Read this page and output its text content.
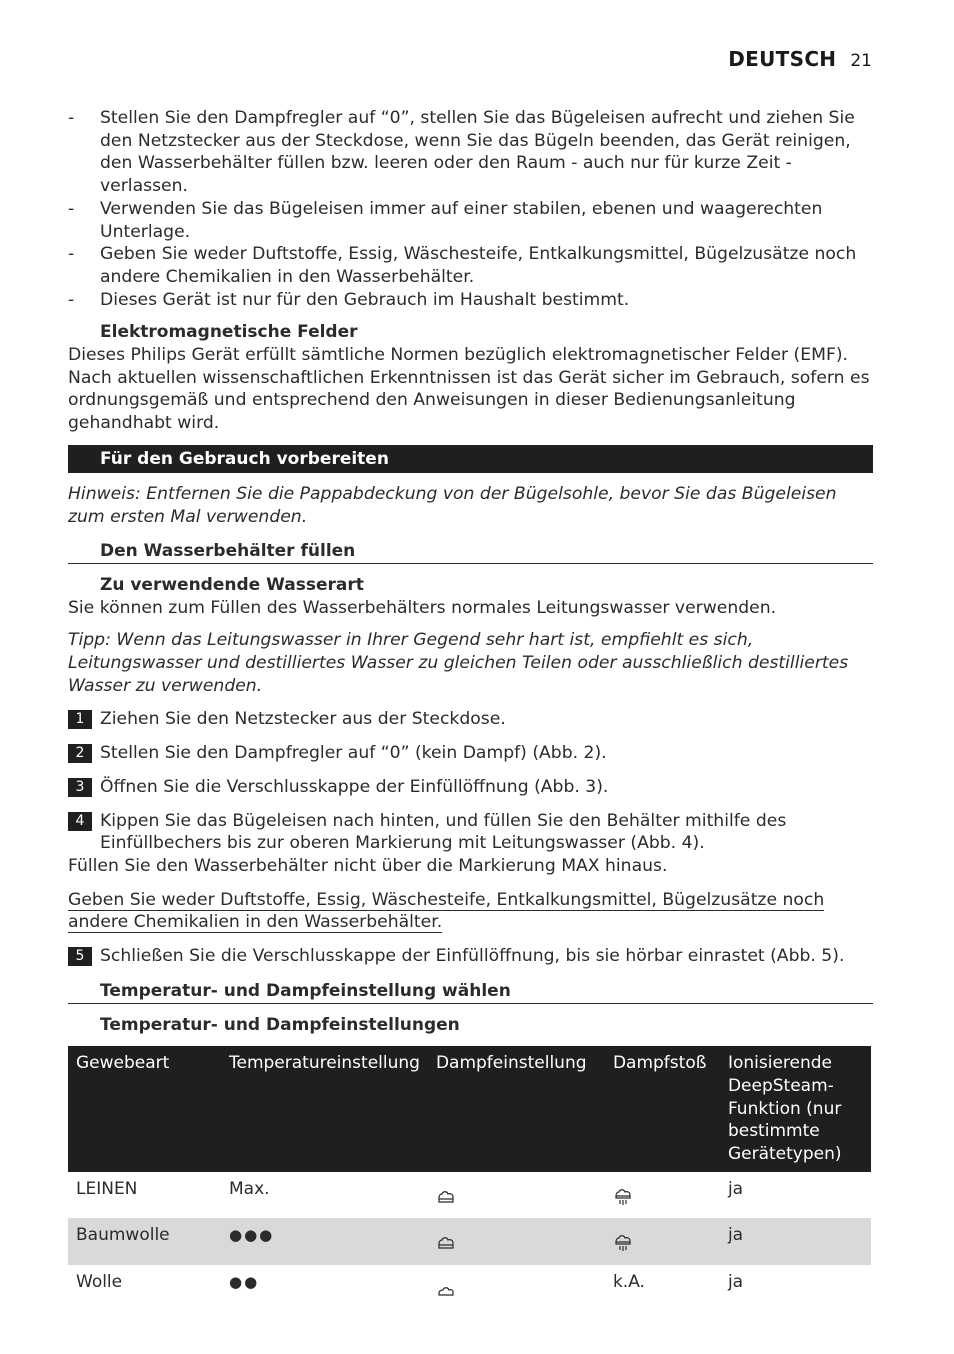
DEUTSCH 21
- Stellen Sie den Dampfregler auf “0”, stellen Sie das Bügeleisen aufrecht und ziehen Sie den Netzstecker aus der Steckdose, wenn Sie das Bügeln beenden, das Gerät reinigen, den Wasserbehälter füllen bzw. leeren oder den Raum - auch nur für kurze Zeit - verlassen.
- Verwenden Sie das Bügeleisen immer auf einer stabilen, ebenen und waagerechten Unterlage.
- Geben Sie weder Duftstoffe, Essig, Wäschesteife, Entkalkungsmittel, Bügelzusätze noch andere Chemikalien in den Wasserbehälter.
- Dieses Gerät ist nur für den Gebrauch im Haushalt bestimmt.
Elektromagnetische Felder

Dieses Philips Gerät erfüllt sämtliche Normen bezüglich elektromagnetischer Felder (EMF). Nach aktuellen wissenschaftlichen Erkenntnissen ist das Gerät sicher im Gebrauch, sofern es ordnungsgemäß und entsprechend den Anweisungen in dieser Bedienungsanleitung gehandhabt wird.

Für den Gebrauch vorbereiten

Hinweis: Entfernen Sie die Pappabdeckung von der Bügelsohle, bevor Sie das Bügeleisen zum ersten Mal verwenden.

Den Wasserbehälter füllen
Zu verwendende Wasserart

Sie können zum Füllen des Wasserbehälters normales Leitungswasser verwenden.

Tipp: Wenn das Leitungswasser in Ihrer Gegend sehr hart ist, empfiehlt es sich, Leitungswasser und destilliertes Wasser zu gleichen Teilen oder ausschließlich destilliertes Wasser zu verwenden.

1 Ziehen Sie den Netzstecker aus der Steckdose.
2 Stellen Sie den Dampfregler auf “0” (kein Dampf) (Abb. 2).
3 Öffnen Sie die Verschlusskappe der Einfüllöffnung (Abb. 3).
4 Kippen Sie das Bügeleisen nach hinten, und füllen Sie den Behälter mithilfe des Einfüllbechers bis zur oberen Markierung mit Leitungswasser (Abb. 4).

Füllen Sie den Wasserbehälter nicht über die Markierung MAX hinaus.

Geben Sie weder Duftstoffe, Essig, Wäschesteife, Entkalkungsmittel, Bügelzusätze noch andere Chemikalien in den Wasserbehälter.

5 Schließen Sie die Verschlusskappe der Einfüllöffnung, bis sie hörbar einrastet (Abb. 5).
Temperatur- und Dampfeinstellung wählen
Temperatur- und Dampfeinstellungen
Gewebeart	Temperatureinstellung	Dampfeinstellung	Dampfstoß	Ionisierende DeepSteam-Funktion (nur bestimmte Gerätetypen)
LEINEN	Max.			ja
Baumwolle	●●●			ja
Wolle	●●		k.A.	ja
